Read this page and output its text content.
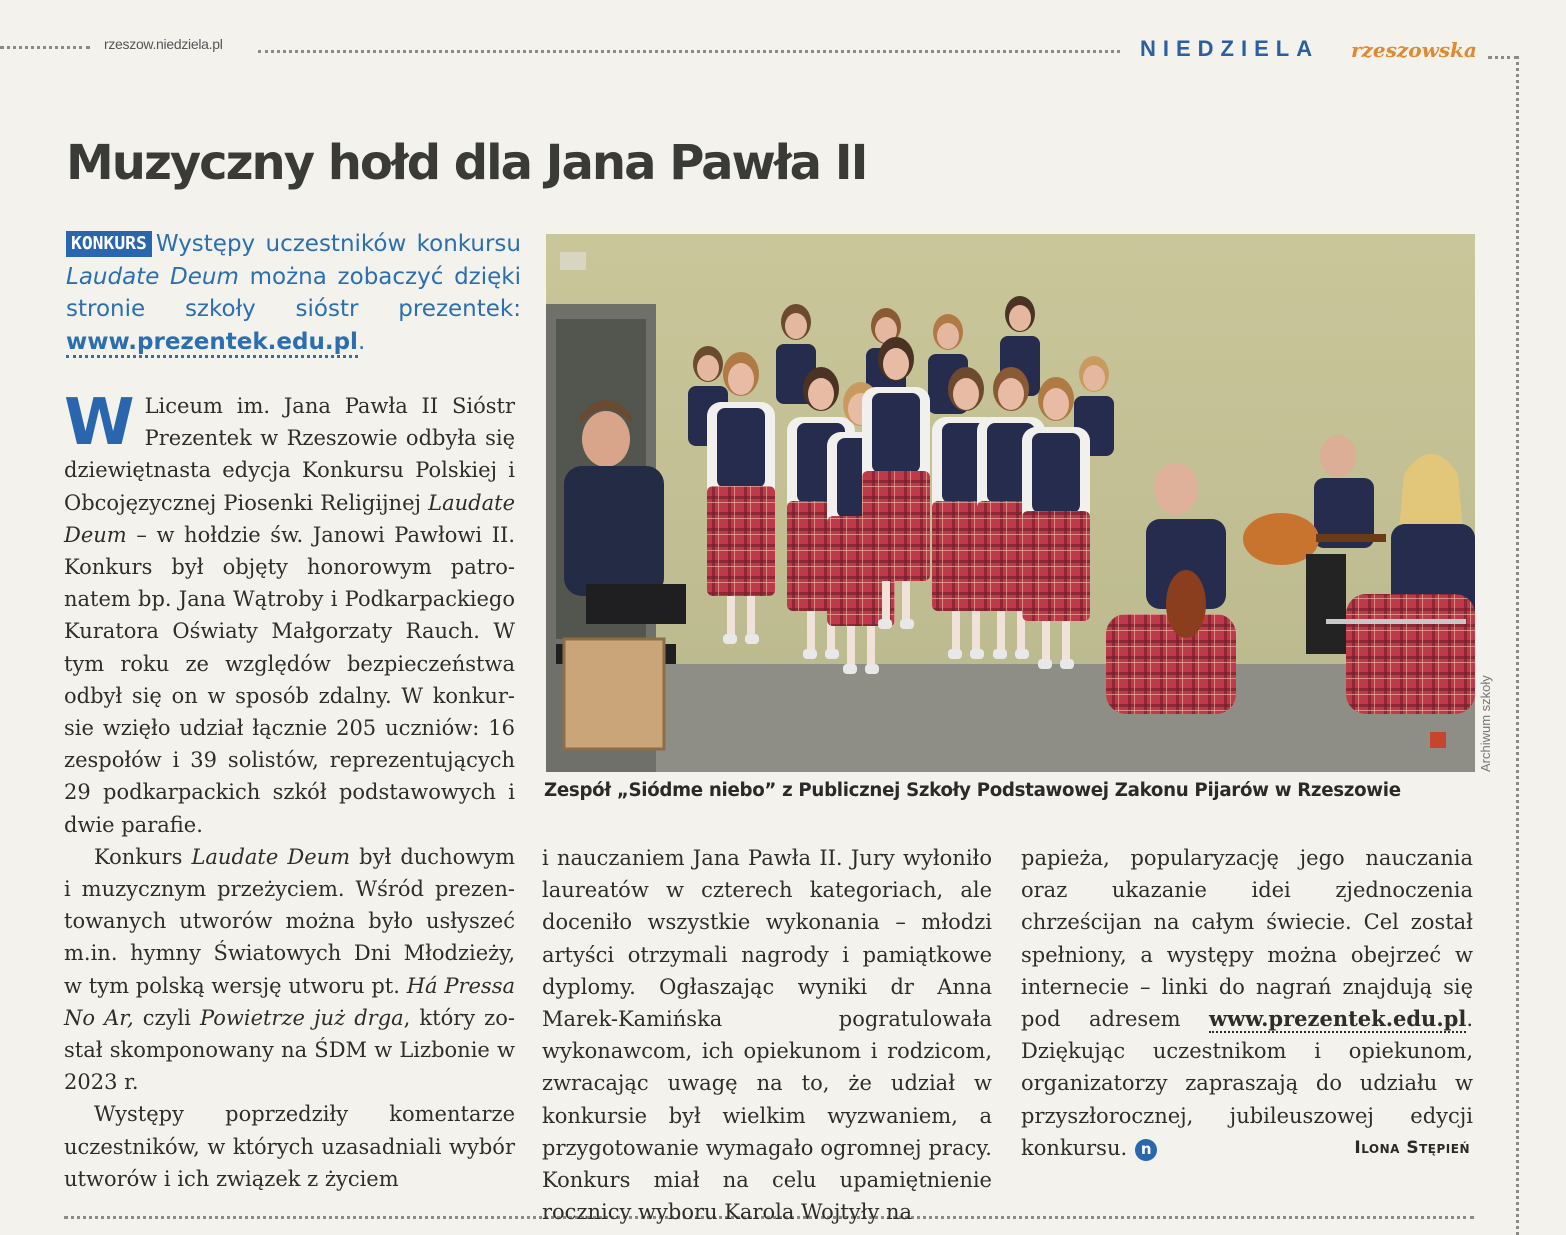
rzeszow.niedziela.pl	NIEDZIELA rzeszowska
Muzyczny hołd dla Jana Pawła II
KONKURS Występy uczestników konkursu Laudate Deum można zobaczyć dzięki stronie szkoły sióstr prezentek: www.prezentek.edu.pl.

W Liceum im. Jana Pawła II Sióstr Prezentek w Rzeszowie odbyła się dziewiętnasta edycja Konkursu Polskiej i Obcojęzycznej Piosenki Religijnej Laudate Deum – w hołdzie św. Janowi Pawłowi II. Konkurs był objęty honorowym patronatem bp. Jana Wątroby i Podkarpackiego Kuratora Oświaty Małgorzaty Rauch. W tym roku ze względów bezpieczeństwa odbył się on w sposób zdalny. W konkursie wzięło udział łącznie 205 uczniów: 16 zespołów i 39 solistów, reprezentujących 29 podkarpackich szkół podstawowych i dwie parafie.

Konkurs Laudate Deum był duchowym i muzycznym przeżyciem. Wśród prezentowanych utworów można było usłyszeć m.in. hymny Światowych Dni Młodzieży, w tym polską wersję utworu pt. Há Pressa No Ar, czyli Powietrze już drga, który został skomponowany na ŚDM w Lizbonie w 2023 r.

Występy poprzedziły komentarze uczestników, w których uzasadniali wybór utworów i ich związek z życiem

Archiwum szkoły
Zespół „Siódme niebo” z Publicznej Szkoły Podstawowej Zakonu Pijarów w Rzeszowie

i nauczaniem Jana Pawła II. Jury wyłoniło laureatów w czterech kategoriach, ale doceniło wszystkie wykonania – młodzi artyści otrzymali nagrody i pamiątkowe dyplomy. Ogłaszając wyniki dr Anna Marek-Kamińska pogratulowała wykonawcom, ich opiekunom i rodzicom, zwracając uwagę na to, że udział w konkursie był wielkim wyzwaniem, a przygotowanie wymagało ogromnej pracy. Konkurs miał na celu upamiętnienie rocznicy wyboru Karola Wojtyły na

papieża, popularyzację jego nauczania oraz ukazanie idei zjednoczenia chrześcijan na całym świecie. Cel został spełniony, a występy można obejrzeć w internecie – linki do nagrań znajdują się pod adresem www.prezentek.edu.pl. Dziękując uczestnikom i opiekunom, organizatorzy zapraszają do udziału w przyszłorocznej, jubileuszowej edycji konkursu. n	Ilona Stępień
